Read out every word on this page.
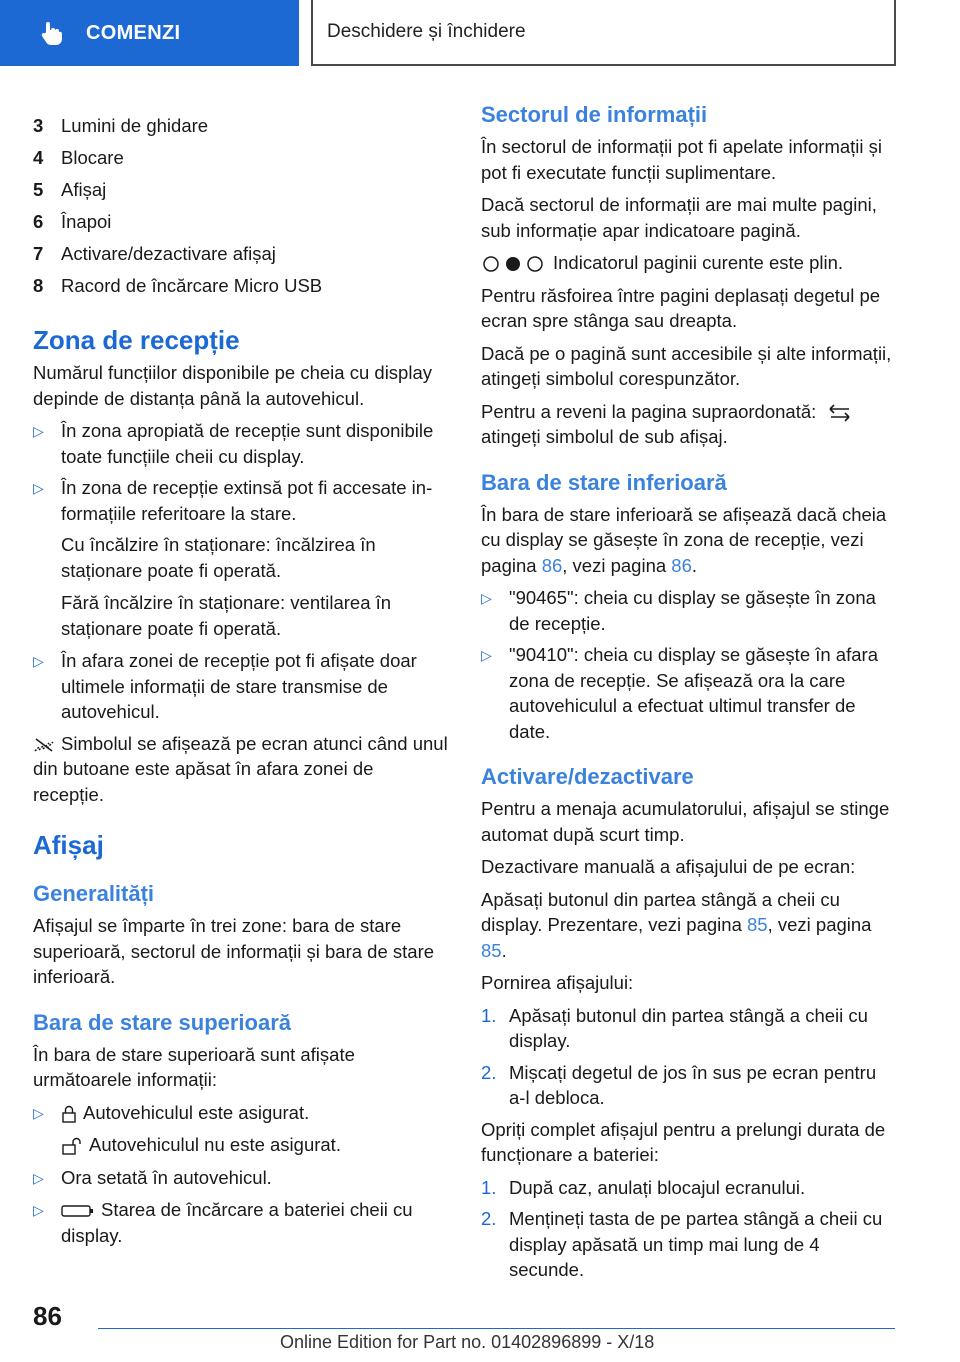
COMENZI	Deschidere și închidere
3 Lumini de ghidare
4 Blocare
5 Afișaj
6 Înapoi
7 Activare/dezactivare afișaj
8 Racord de încărcare Micro USB
Zona de recepție

Numărul funcțiilor disponibile pe cheia cu display depinde de distanța până la autovehicul.

▷ În zona apropiată de recepție sunt disponibile toate funcțiile cheii cu display.
▷ În zona de recepție extinsă pot fi accesate informațiile referitoare la stare.

Cu încălzire în staționare: încălzirea în staționare poate fi operată.

Fără încălzire în staționare: ventilarea în staționare poate fi operată.

▷ În afara zonei de recepție pot fi afișate doar ultimele informații de stare transmise de autovehicul.

Simbolul se afișează pe ecran atunci când unul din butoane este apăsat în afara zonei de recepție.

Afișaj
Generalități

Afișajul se împarte în trei zone: bara de stare superioară, sectorul de informații și bara de stare inferioară.

Bara de stare superioară

În bara de stare superioară sunt afișate următoarele informații:

▷	Autovehiculul este asigurat.

Autovehiculul nu este asigurat.

▷ Ora setată în autovehicul.
▷	Starea de încărcare a bateriei cheii cu display.
Sectorul de informații

În sectorul de informații pot fi apelate informații și pot fi executate funcții suplimentare.

Dacă sectorul de informații are mai multe pagini, sub informație apar indicatoare pagină.

Indicatorul paginii curente este plin.

Pentru răsfoirea între pagini deplasați degetul pe ecran spre stânga sau dreapta.

Dacă pe o pagină sunt accesibile și alte informații, atingeți simbolul corespunzător.

Pentru a reveni la pagina supraordonată:
atingeți simbolul de sub afișaj.

Bara de stare inferioară

În bara de stare inferioară se afișează dacă cheia cu display se găsește în zona de recepție, vezi pagina 86, vezi pagina 86.

▷ "90465": cheia cu display se găsește în zona de recepție.
▷ "90410": cheia cu display se găsește în afara zona de recepție. Se afișează ora la care autovehiculul a efectuat ultimul transfer de date.
Activare/dezactivare

Pentru a menaja acumulatorului, afișajul se stinge automat după scurt timp.

Dezactivare manuală a afișajului de pe ecran:

Apăsați butonul din partea stângă a cheii cu display. Prezentare, vezi pagina 85, vezi pagina 85.

Pornirea afișajului:

1. Apăsați butonul din partea stângă a cheii cu display.
2. Mișcați degetul de jos în sus pe ecran pentru a-l debloca.

Opriți complet afișajul pentru a prelungi durata de funcționare a bateriei:

1. După caz, anulați blocajul ecranului.
2. Mențineți tasta de pe partea stângă a cheii cu display apăsată un timp mai lung de 4 secunde.
86
Online Edition for Part no. 01402896899 - X/18
